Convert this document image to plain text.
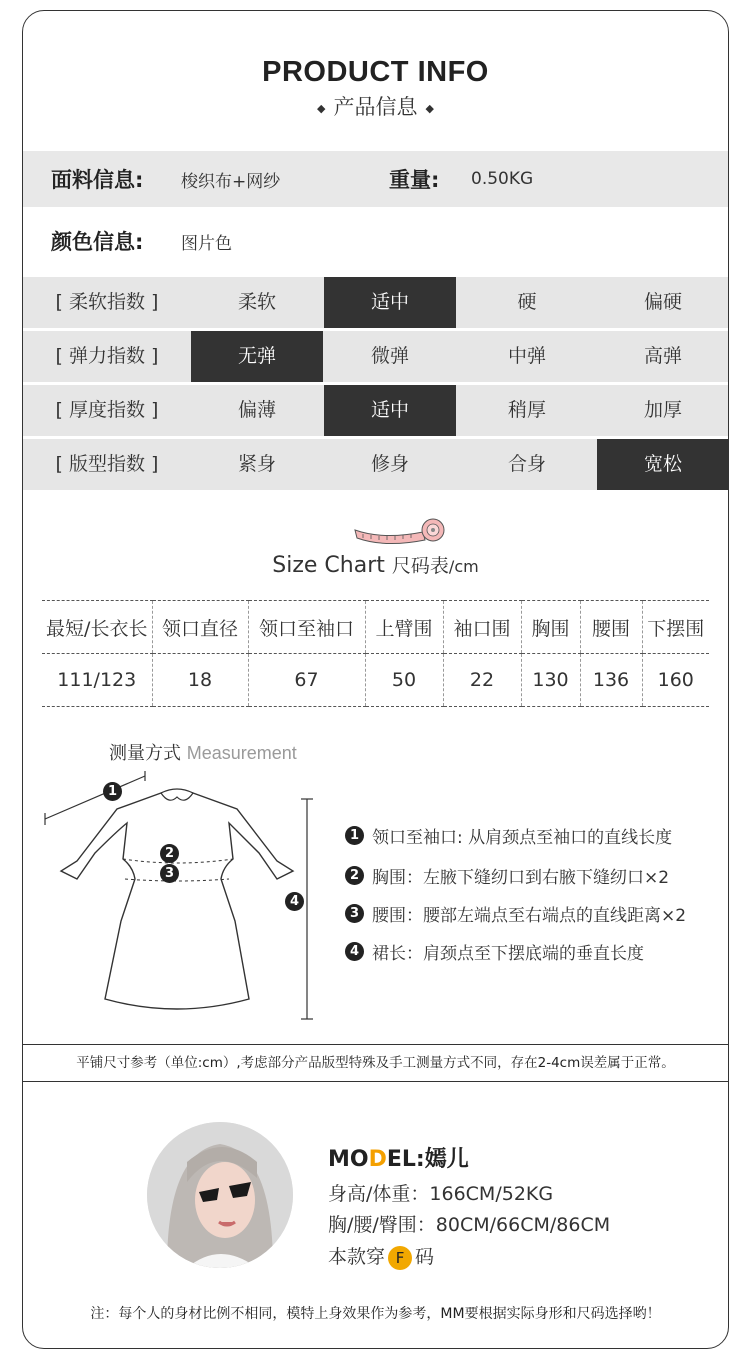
PRODUCT INFO
◆ 产品信息 ◆
面料信息: 梭织布+网纱	重量: 0.50KG
颜色信息: 图片色
[ 柔软指数 ]	柔软	适中	硬	偏硬
[ 弹力指数 ]	无弹	微弹	中弹	高弹
[ 厚度指数 ]	偏薄	适中	稍厚	加厚
[ 版型指数 ]	紧身	修身	合身	宽松
Size Chart 尺码表/cm
最短/长衣长	领口直径	领口至袖口	上臂围	袖口围	胸围	腰围	下摆围
111/123	18	67	50	22	130	136	160
测量方式 Measurement
1
2
3
4
1 领口至袖口: 从肩颈点至袖口的直线长度
2 胸围：左腋下缝纫口到右腋下缝纫口×2
3 腰围：腰部左端点至右端点的直线距离×2
4 裙长：肩颈点至下摆底端的垂直长度
平铺尺寸参考（单位:cm）,考虑部分产品版型特殊及手工测量方式不同，存在2-4cm误差属于正常。
MODEL:嫣儿
身高/体重：166CM/52KG
胸/腰/臀围：80CM/66CM/86CM
本款穿 F 码
注：每个人的身材比例不相同，模特上身效果作为参考，MM要根据实际身形和尺码选择哟！
